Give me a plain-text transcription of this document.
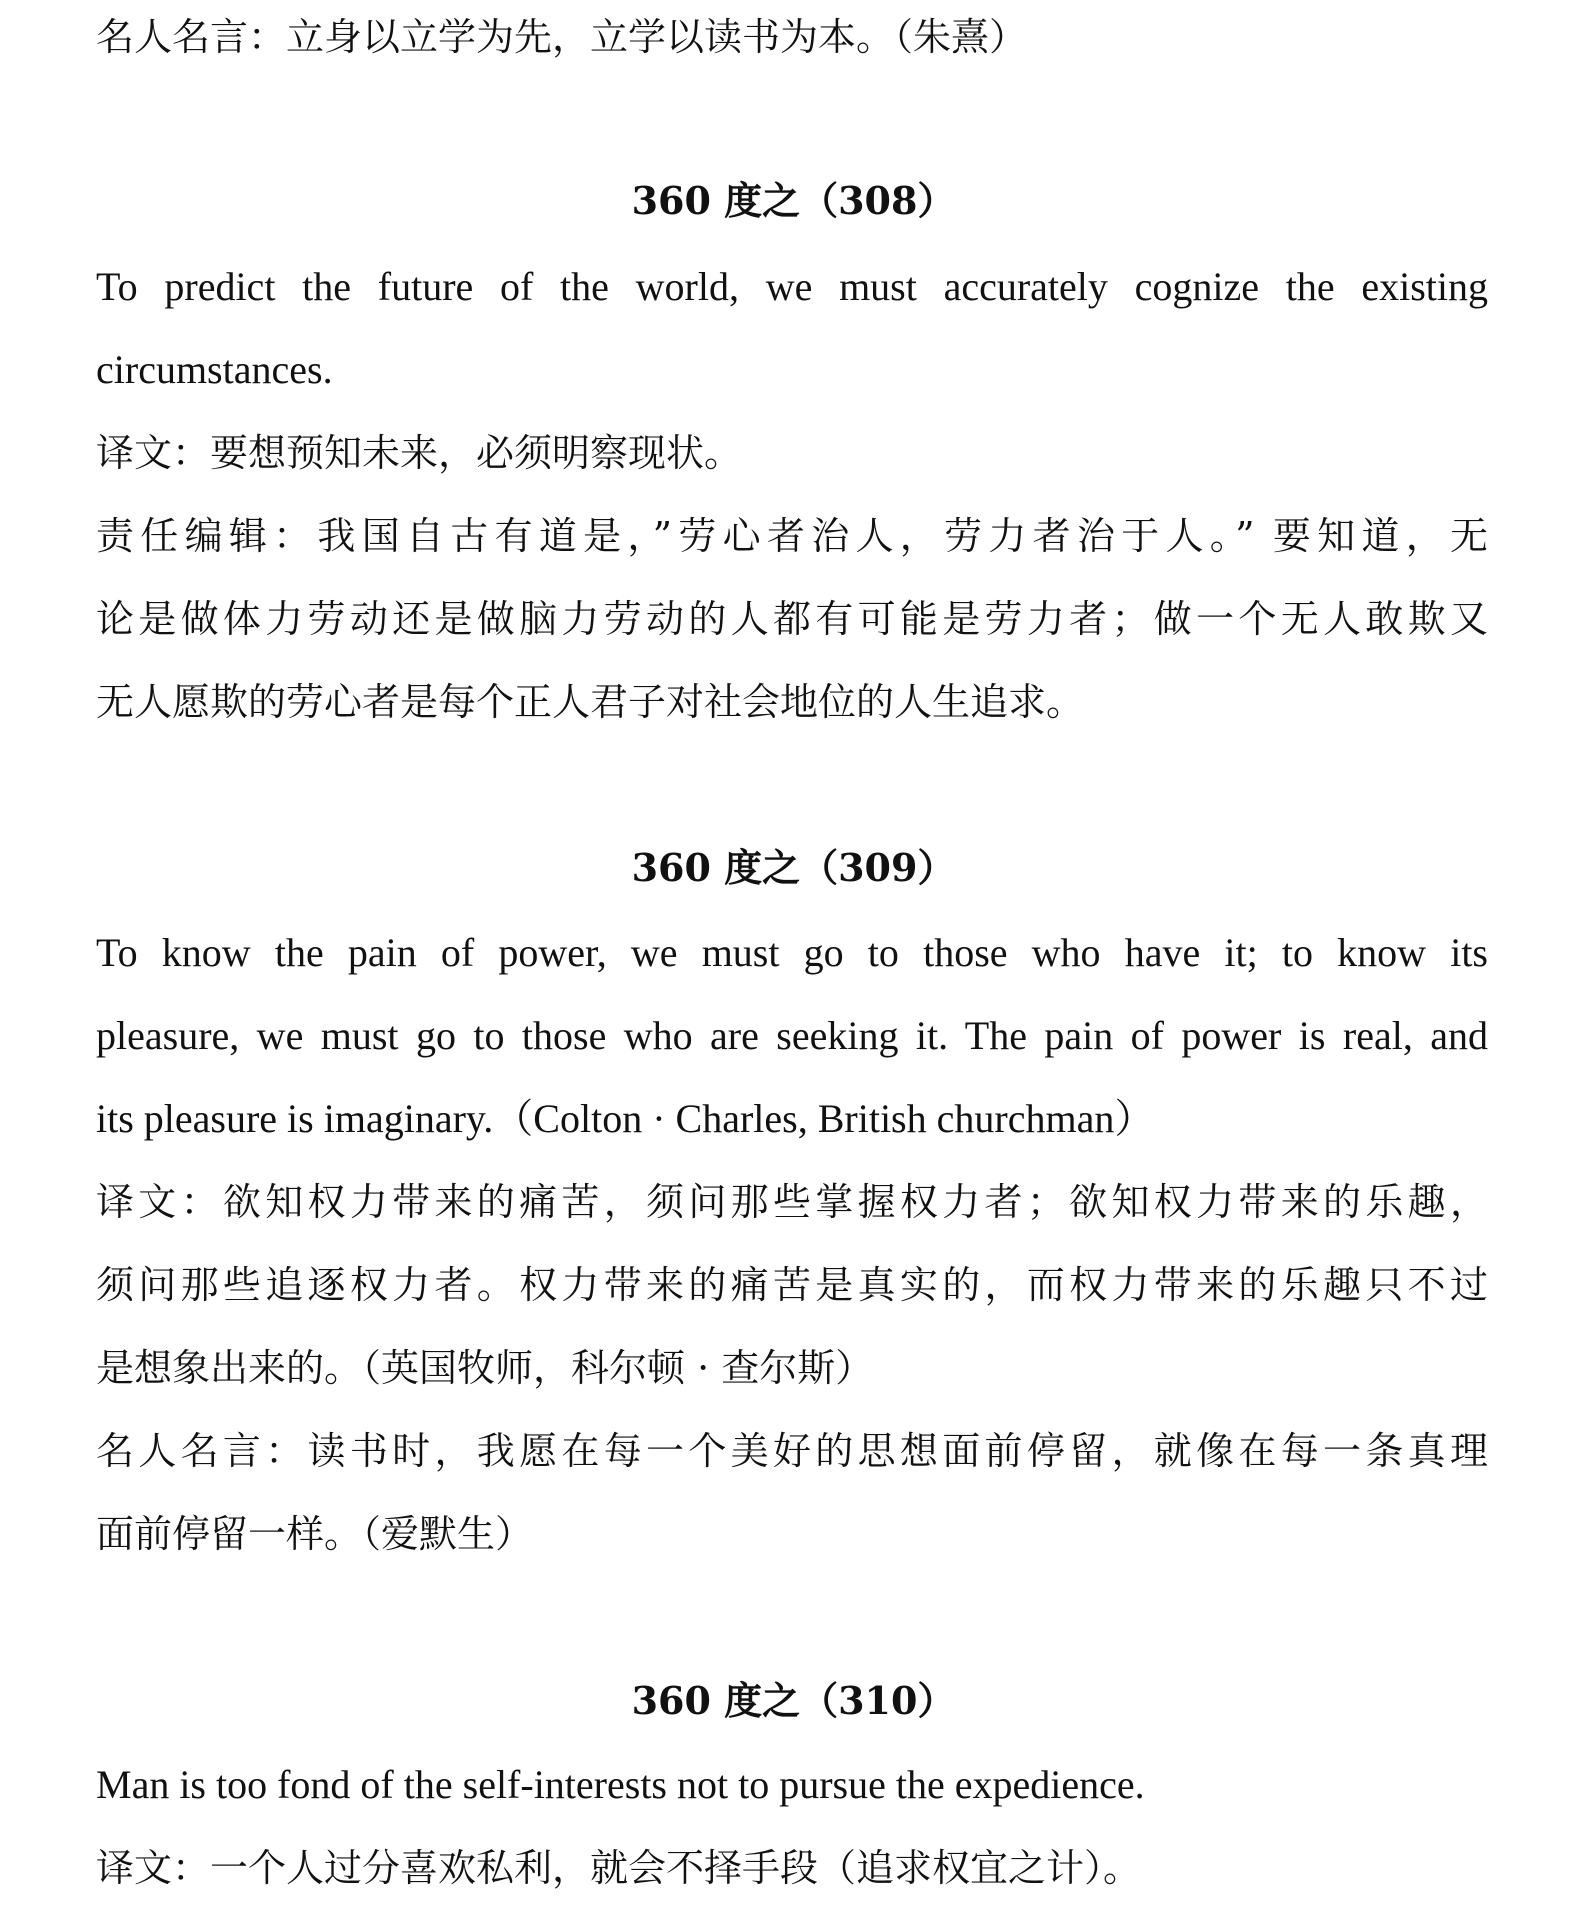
名人名言：立身以立学为先，立学以读书为本。（朱熹）
360 度之（308）
To predict the future of the world, we must accurately cognize the existing
circumstances.
译文：要想预知未来，必须明察现状。
责任编辑：我国自古有道是，”劳心者治人，劳力者治于人。” 要知道，无
论是做体力劳动还是做脑力劳动的人都有可能是劳力者；做一个无人敢欺又
无人愿欺的劳心者是每个正人君子对社会地位的人生追求。
360 度之（309）
To know the pain of power, we must go to those who have it; to know its
pleasure, we must go to those who are seeking it. The pain of power is real, and
its pleasure is imaginary.（Colton · Charles, British churchman）
译文：欲知权力带来的痛苦，须问那些掌握权力者；欲知权力带来的乐趣，
须问那些追逐权力者。权力带来的痛苦是真实的，而权力带来的乐趣只不过
是想象出来的。（英国牧师，科尔顿 · 查尔斯）
名人名言：读书时，我愿在每一个美好的思想面前停留，就像在每一条真理
面前停留一样。（爱默生）
360 度之（310）
Man is too fond of the self-interests not to pursue the expedience.
译文：一个人过分喜欢私利，就会不择手段（追求权宜之计）。
